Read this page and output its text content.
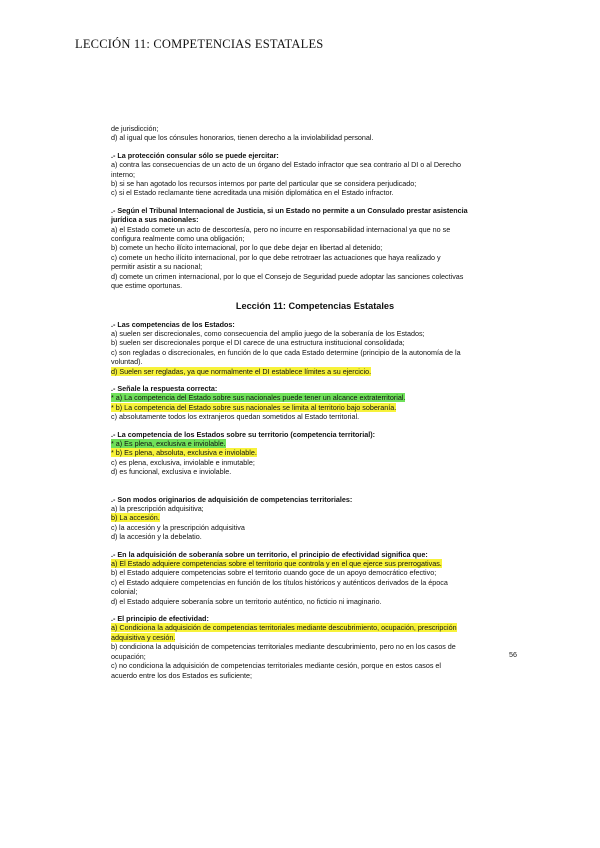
LECCIÓN 11: COMPETENCIAS ESTATALES
de jurisdicción;
d) al igual que los cónsules honorarios, tienen derecho a la inviolabilidad personal.
.- La protección consular sólo se puede ejercitar:
a) contra las consecuencias de un acto de un órgano del Estado infractor que sea contrario al DI o al Derecho
interno;
b) si se han agotado los recursos internos por parte del particular que se considera perjudicado;
c) si el Estado reclamante tiene acreditada una misión diplomática en el Estado infractor.
.- Según el Tribunal Internacional de Justicia, si un Estado no permite a un Consulado prestar asistencia
jurídica a sus nacionales:
a) el Estado comete un acto de descortesía, pero no incurre en responsabilidad internacional ya que no se
configura realmente como una obligación;
b) comete un hecho ilícito internacional, por lo que debe dejar en libertad al detenido;
c) comete un hecho ilícito internacional, por lo que debe retrotraer las actuaciones que haya realizado y
permitir asistir a su nacional;
d) comete un crimen internacional, por lo que el Consejo de Seguridad puede adoptar las sanciones colectivas
que estime oportunas.
Lección 11: Competencias Estatales
.- Las competencias de los Estados:
a) suelen ser discrecionales, como consecuencia del amplio juego de la soberanía de los Estados;
b) suelen ser discrecionales porque el DI carece de una estructura institucional consolidada;
c) son regladas o discrecionales, en función de lo que cada Estado determine (principio de la autonomía de la
voluntad).
d) Suelen ser regladas, ya que normalmente el DI establece límites a su ejercicio.
.- Señale la respuesta correcta:
* a) La competencia del Estado sobre sus nacionales puede tener un alcance extraterritorial.
* b) La competencia del Estado sobre sus nacionales se limita al territorio bajo soberanía.
c) absolutamente todos los extranjeros quedan sometidos al Estado territorial.
.- La competencia de los Estados sobre su territorio (competencia territorial):
* a) Es plena, exclusiva e inviolable.
* b) Es plena, absoluta, exclusiva e inviolable.
c) es plena, exclusiva, inviolable e inmutable;
d) es funcional, exclusiva e inviolable.
.- Son modos originarios de adquisición de competencias territoriales:
a) la prescripción adquisitiva;
b) La accesión.
c) la accesión y la prescripción adquisitiva
d) la accesión y la debelatio.
.- En la adquisición de soberanía sobre un territorio, el principio de efectividad significa que:
a) El Estado adquiere competencias sobre el territorio que controla y en el que ejerce sus prerrogativas.
b) el Estado adquiere competencias sobre el territorio cuando goce de un apoyo democrático efectivo;
c) el Estado adquiere competencias en función de los títulos históricos y auténticos derivados de la época
colonial;
d) el Estado adquiere soberanía sobre un territorio auténtico, no ficticio ni imaginario.
.- El principio de efectividad:
a) Condiciona la adquisición de competencias territoriales mediante descubrimiento, ocupación, prescripción
adquisitiva y cesión.
b) condiciona la adquisición de competencias territoriales mediante descubrimiento, pero no en los casos de
ocupación;
c) no condiciona la adquisición de competencias territoriales mediante cesión, porque en estos casos el
acuerdo entre los dos Estados es suficiente;
56
